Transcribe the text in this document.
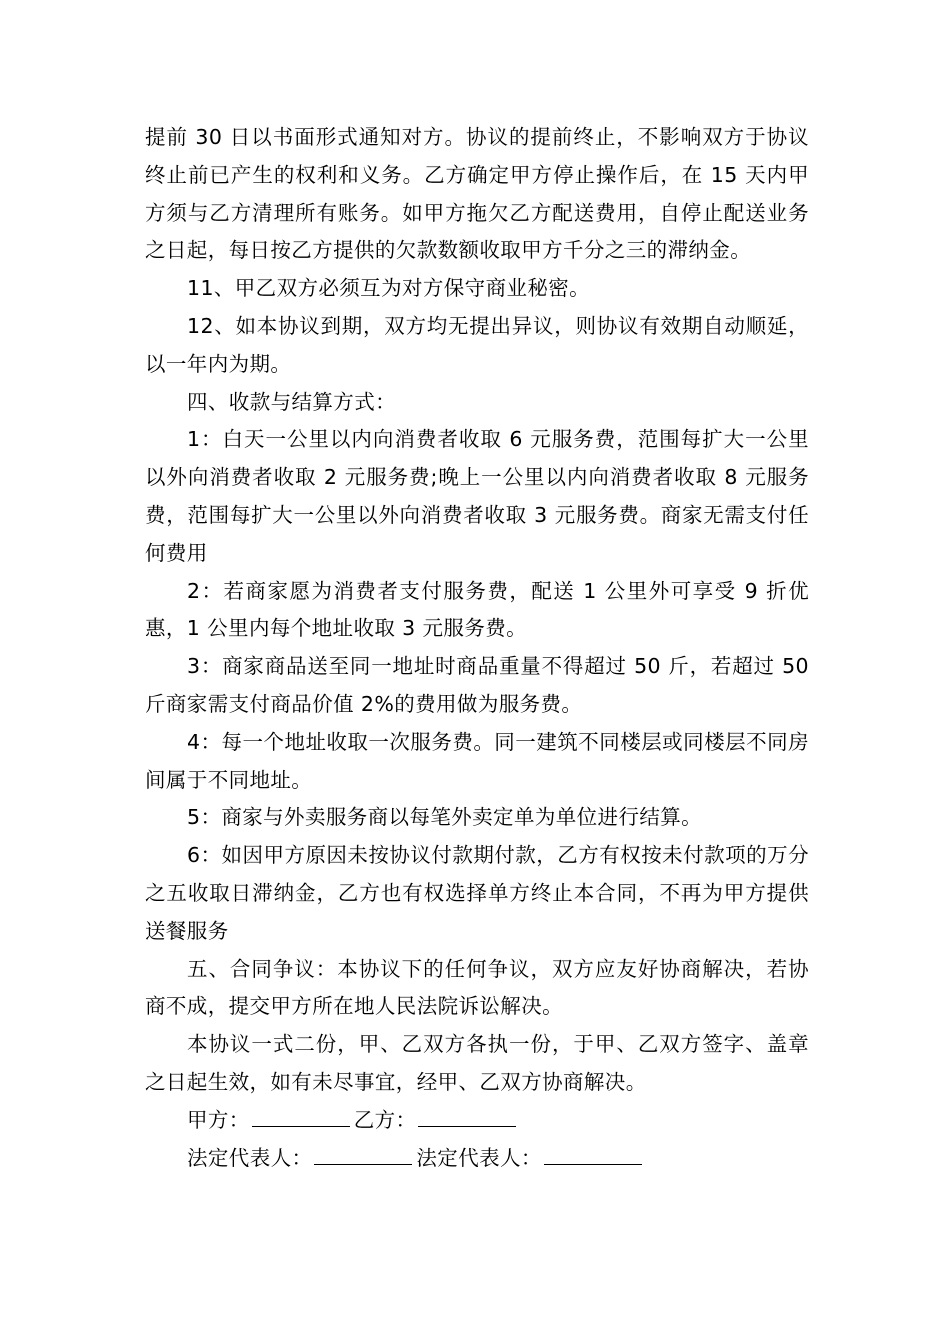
提前 30 日以书面形式通知对方。协议的提前终止，不影响双方于协议终止前已产生的权利和义务。乙方确定甲方停止操作后，在 15 天内甲方须与乙方清理所有账务。如甲方拖欠乙方配送费用，自停止配送业务之日起，每日按乙方提供的欠款数额收取甲方千分之三的滞纳金。

11、甲乙双方必须互为对方保守商业秘密。

12、如本协议到期，双方均无提出异议，则协议有效期自动顺延，以一年内为期。

四、收款与结算方式：

1：白天一公里以内向消费者收取 6 元服务费，范围每扩大一公里以外向消费者收取 2 元服务费;晚上一公里以内向消费者收取 8 元服务费，范围每扩大一公里以外向消费者收取 3 元服务费。商家无需支付任何费用

2：若商家愿为消费者支付服务费，配送 1 公里外可享受 9 折优惠，1 公里内每个地址收取 3 元服务费。

3：商家商品送至同一地址时商品重量不得超过 50 斤，若超过 50 斤商家需支付商品价值 2%的费用做为服务费。

4：每一个地址收取一次服务费。同一建筑不同楼层或同楼层不同房间属于不同地址。

5：商家与外卖服务商以每笔外卖定单为单位进行结算。

6：如因甲方原因未按协议付款期付款，乙方有权按未付款项的万分之五收取日滞纳金，乙方也有权选择单方终止本合同，不再为甲方提供送餐服务

五、合同争议：本协议下的任何争议，双方应友好协商解决，若协商不成，提交甲方所在地人民法院诉讼解决。

本协议一式二份，甲、乙双方各执一份，于甲、乙双方签字、盖章之日起生效，如有未尽事宜，经甲、乙双方协商解决。

甲方：	乙方：

法定代表人：	法定代表人：
